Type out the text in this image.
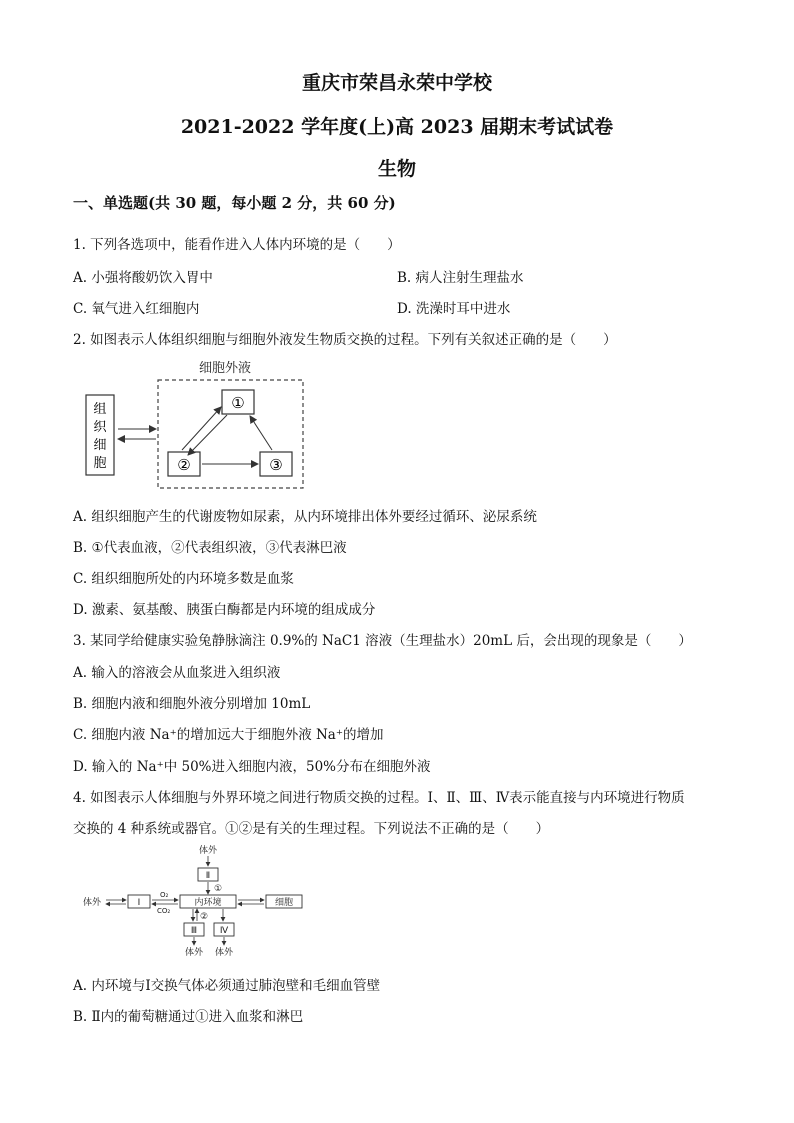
重庆市荣昌永荣中学校
2021-2022 学年度(上)高 2023 届期末考试试卷
生物
一、单选题(共 30 题，每小题 2 分，共 60 分)
1. 下列各选项中，能看作进入人体内环境的是（　　）
A. 小强将酸奶饮入胃中	B. 病人注射生理盐水
C. 氧气进入红细胞内	D. 洗澡时耳中进水
2. 如图表示人体组织细胞与细胞外液发生物质交换的过程。下列有关叙述正确的是（　　）
细胞外液
组
织
细
胞
①
②	③
A. 组织细胞产生的代谢废物如尿素，从内环境排出体外要经过循环、泌尿系统
B. ①代表血液，②代表组织液，③代表淋巴液
C. 组织细胞所处的内环境多数是血浆
D. 激素、氨基酸、胰蛋白酶都是内环境的组成成分
3. 某同学给健康实验兔静脉滴注 0.9%的 NaC1 溶液（生理盐水）20mL 后，会出现的现象是（　　）
A. 输入的溶液会从血浆进入组织液
B. 细胞内液和细胞外液分别增加 10mL
C. 细胞内液 Na⁺的增加远大于细胞外液 Na⁺的增加
D. 输入的 Na⁺中 50%进入细胞内液，50%分布在细胞外液
4. 如图表示人体细胞与外界环境之间进行物质交换的过程。Ⅰ、Ⅱ、Ⅲ、Ⅳ表示能直接与内环境进行物质
交换的 4 种系统或器官。①②是有关的生理过程。下列说法不正确的是（　　）
体外
Ⅱ
①
体外	Ⅰ
O₂
CO₂
内环境	细胞
②
Ⅲ
体外
Ⅳ
体外
A. 内环境与Ⅰ交换气体必须通过肺泡壁和毛细血管壁
B. Ⅱ内的葡萄糖通过①进入血浆和淋巴
